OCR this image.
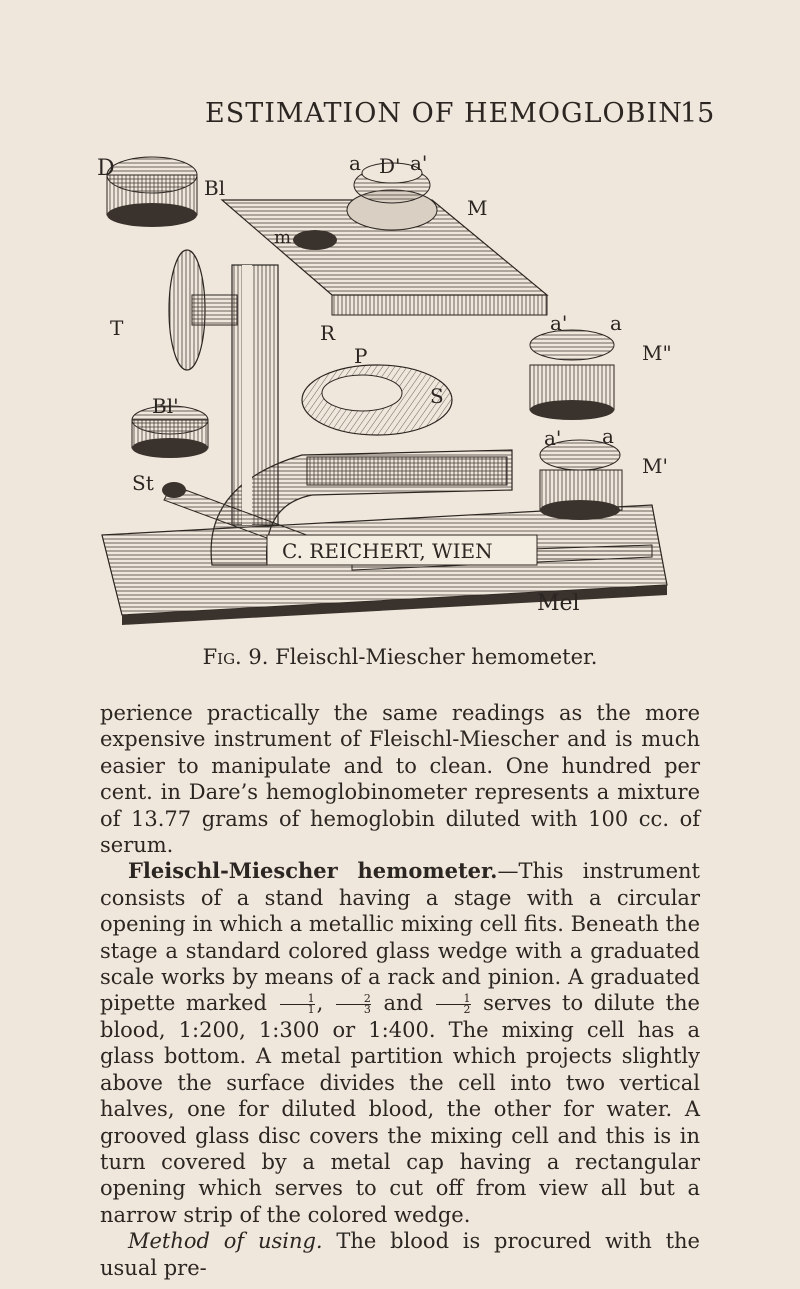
ESTIMATION OF HEMOGLOBIN
15
C. REICHERT, WIEN
D
Bl
a D' a'
M
m
T	R	a' a
M"
P
Bl'	S
a' a
M'
St
Mel
Fig. 9. Fleischl-Miescher hemometer.

perience practically the same readings as the more expensive instrument of Fleischl-Miescher and is much easier to manipulate and to clean. One hundred per cent. in Dare’s hemoglobinometer represents a mixture of 13.77 grams of hemoglobin diluted with 100 cc. of serum.

Fleischl-Miescher hemometer.—This instrument consists of a stand having a stage with a circular opening in which a metallic mixing cell fits. Beneath the stage a standard colored glass wedge with a graduated scale works by means of a rack and pinion. A graduated pipette marked $\frac{1}{1}$ , $\frac{2}{3}$ and $\frac{1}{2}$ serves to dilute the blood, 1:200, 1:300 or 1:400. The mixing cell has a glass bottom. A metal partition which projects slightly above the surface divides the cell into two vertical halves, one for diluted blood, the other for water. A grooved glass disc covers the mixing cell and this is in turn covered by a metal cap having a rectangular opening which serves to cut off from view all but a narrow strip of the colored wedge.

Method of using. The blood is procured with the usual pre-
